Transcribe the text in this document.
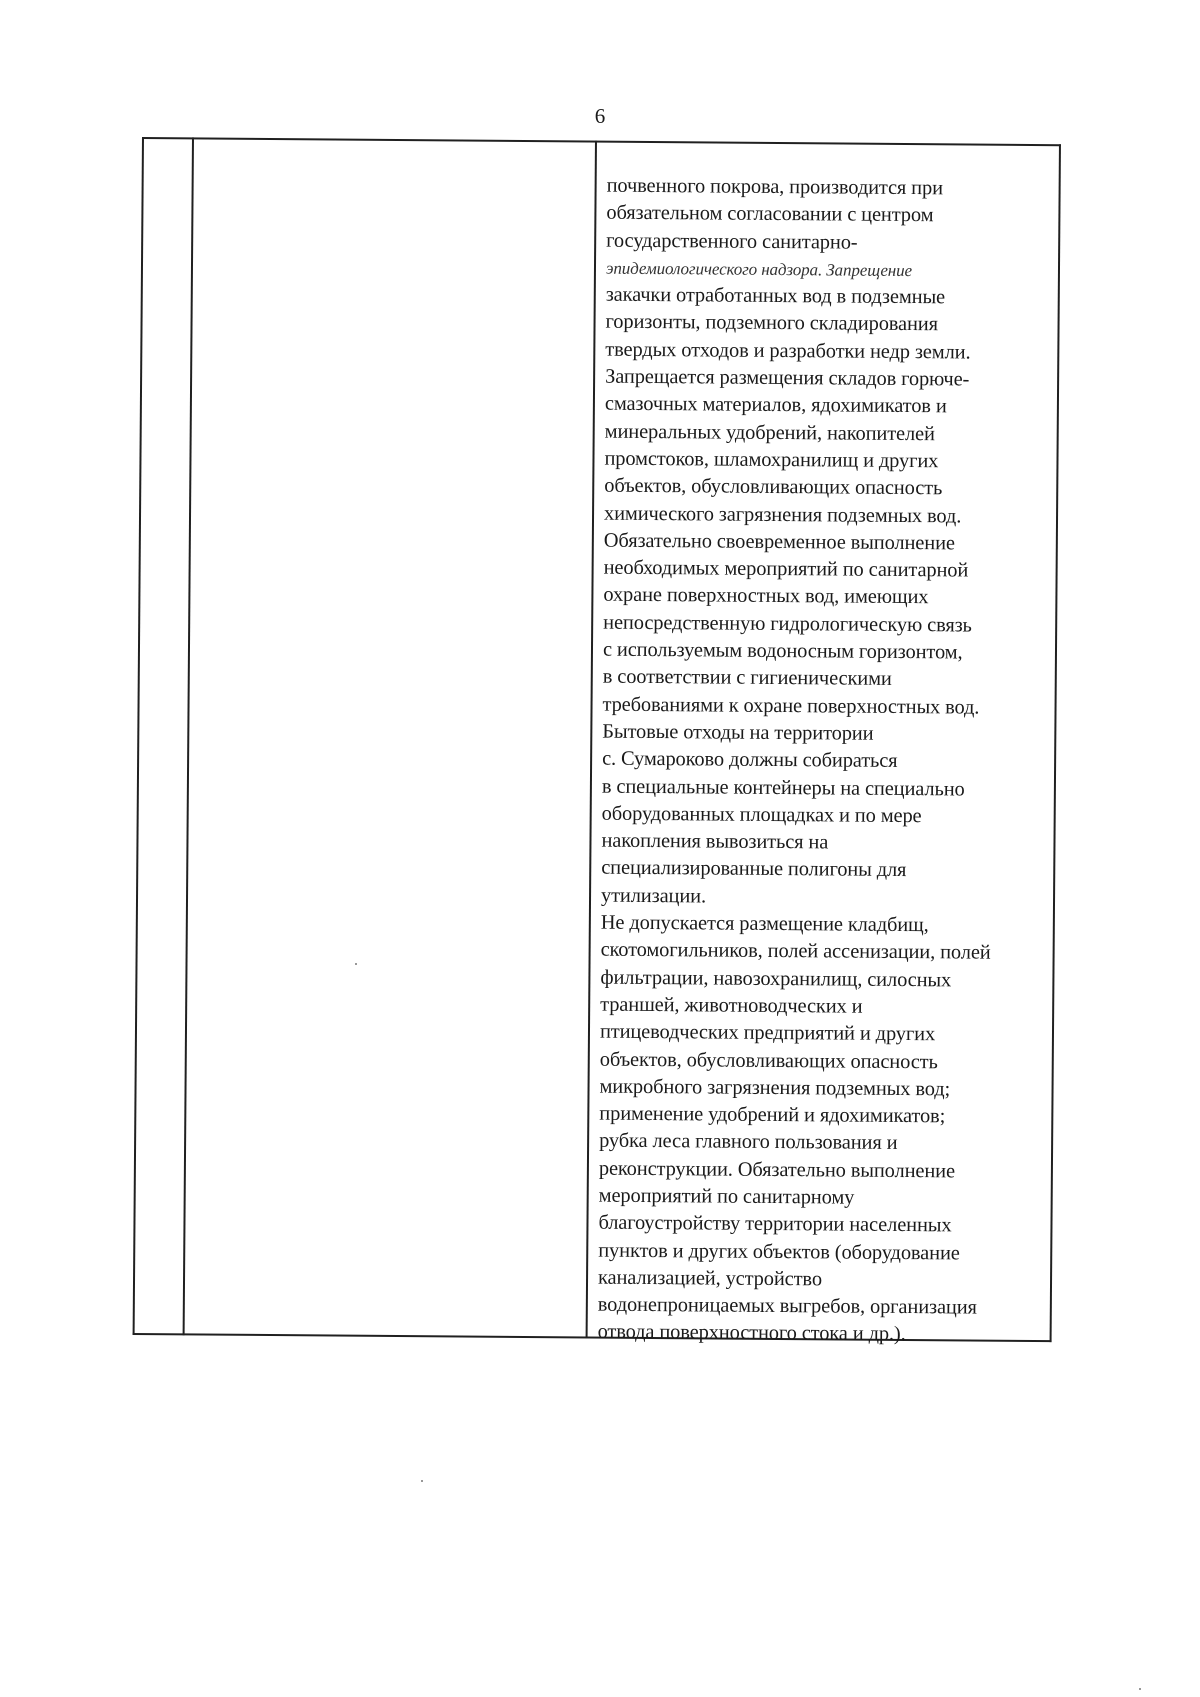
6
почвенного покрова, производится при
обязательном согласовании с центром
государственного санитарно-
эпидемиологического надзора. Запрещение
закачки отработанных вод в подземные
горизонты, подземного складирования
твердых отходов и разработки недр земли.
Запрещается размещения складов горюче-
смазочных материалов, ядохимикатов и
минеральных удобрений, накопителей
промстоков, шламохранилищ и других
объектов, обусловливающих опасность
химического загрязнения подземных вод.
Обязательно своевременное выполнение
необходимых мероприятий по санитарной
охране поверхностных вод, имеющих
непосредственную гидрологическую связь
с используемым водоносным горизонтом,
в соответствии с гигиеническими
требованиями к охране поверхностных вод.
Бытовые отходы на территории
с. Сумароково должны собираться
в специальные контейнеры на специально
оборудованных площадках и по мере
накопления вывозиться на
специализированные полигоны для
утилизации.
Не допускается размещение кладбищ,
скотомогильников, полей ассенизации, полей
фильтрации, навозохранилищ, силосных
траншей, животноводческих и
птицеводческих предприятий и других
объектов, обусловливающих опасность
микробного загрязнения подземных вод;
применение удобрений и ядохимикатов;
рубка леса главного пользования и
реконструкции. Обязательно выполнение
мероприятий по санитарному
благоустройству территории населенных
пунктов и других объектов (оборудование
канализацией, устройство
водонепроницаемых выгребов, организация
отвода поверхностного стока и др.).
